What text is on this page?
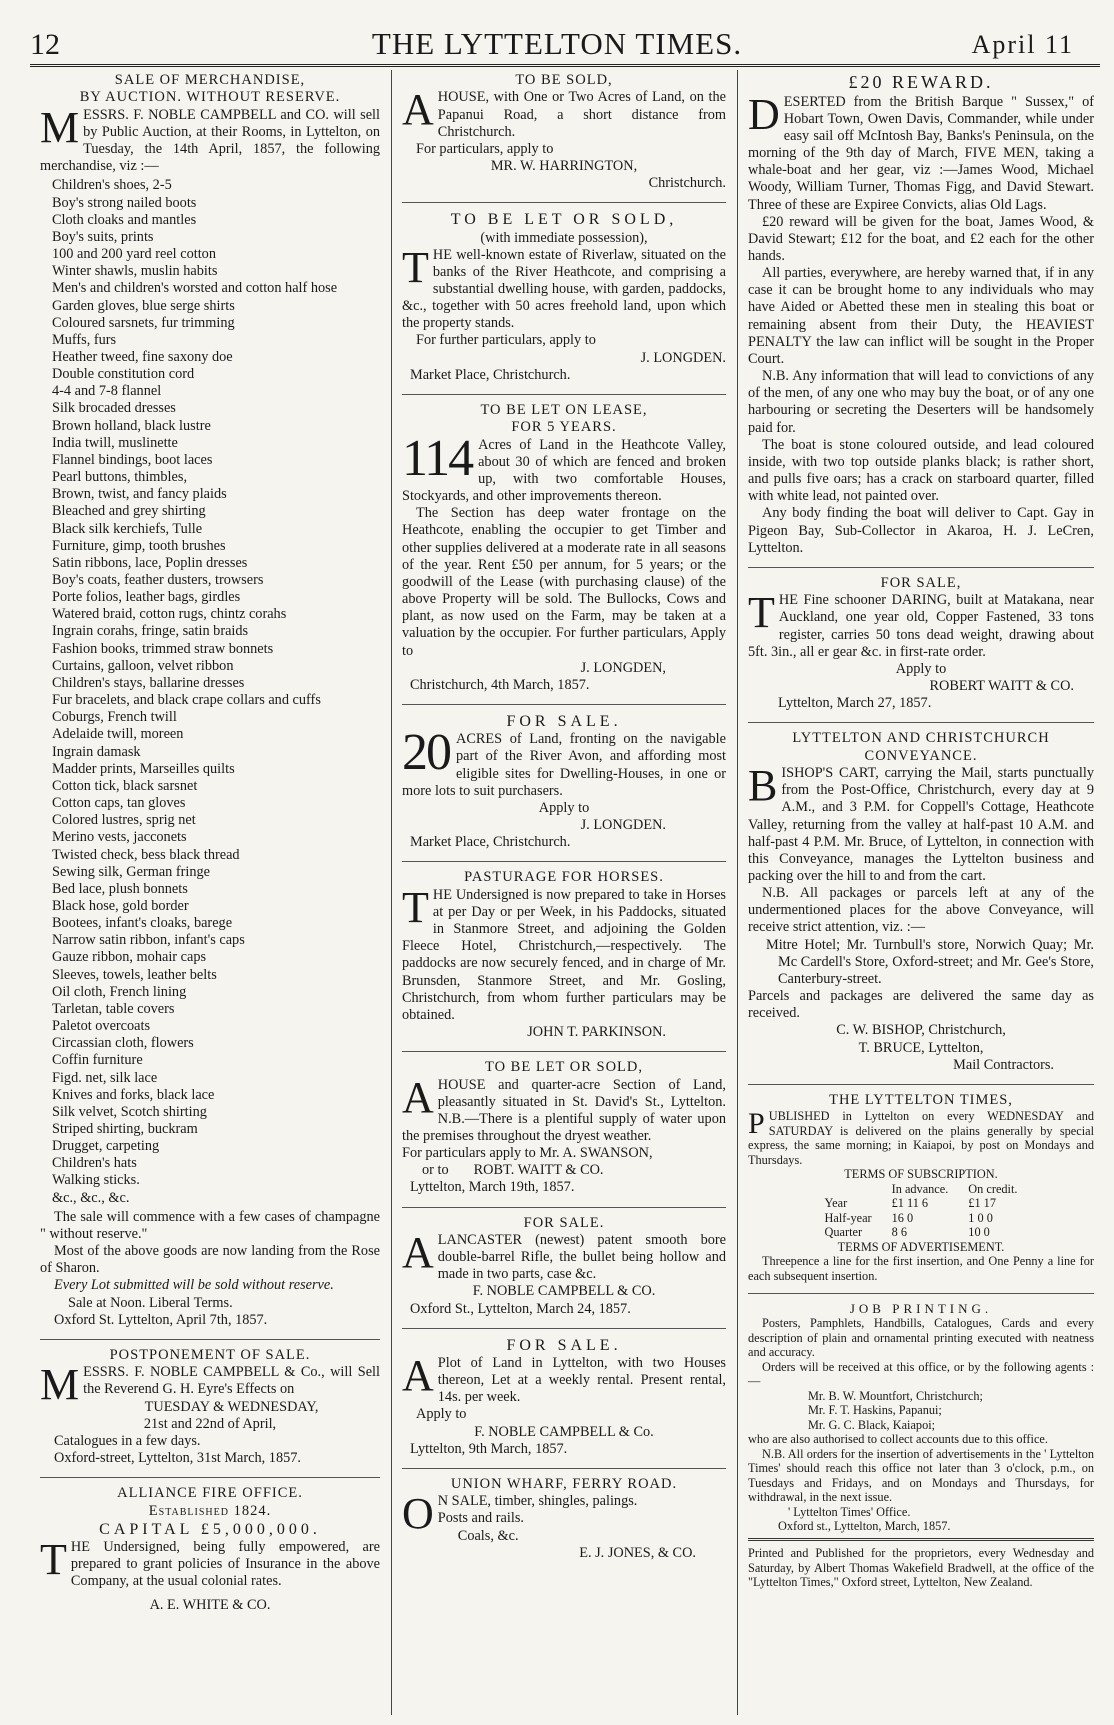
12	THE LYTTELTON TIMES.	April 11
SALE OF MERCHANDISE,
BY AUCTION. WITHOUT RESERVE.
MESSRS. F. NOBLE CAMPBELL and CO. will sell by Public Auction, at their Rooms, in Lyttelton, on Tuesday, the 14th April, 1857, the following merchandise, viz :—
Children's shoes, 2-5
Boy's strong nailed boots
Cloth cloaks and mantles
Boy's suits, prints
100 and 200 yard reel cotton
Winter shawls, muslin habits
Men's and children's worsted and cotton half hose
Garden gloves, blue serge shirts
Coloured sarsnets, fur trimming
Muffs, furs
Heather tweed, fine saxony doe
Double constitution cord
4-4 and 7-8 flannel
Silk brocaded dresses
Brown holland, black lustre
India twill, muslinette
Flannel bindings, boot laces
Pearl buttons, thimbles,
Brown, twist, and fancy plaids
Bleached and grey shirting
Black silk kerchiefs, Tulle
Furniture, gimp, tooth brushes
Satin ribbons, lace, Poplin dresses
Boy's coats, feather dusters, trowsers
Porte folios, leather bags, girdles
Watered braid, cotton rugs, chintz corahs
Ingrain corahs, fringe, satin braids
Fashion books, trimmed straw bonnets
Curtains, galloon, velvet ribbon
Children's stays, ballarine dresses
Fur bracelets, and black crape collars and cuffs
Coburgs, French twill
Adelaide twill, moreen
Ingrain damask
Madder prints, Marseilles quilts
Cotton tick, black sarsnet
Cotton caps, tan gloves
Colored lustres, sprig net
Merino vests, jacconets
Twisted check, bess black thread
Sewing silk, German fringe
Bed lace, plush bonnets
Black hose, gold border
Bootees, infant's cloaks, barege
Narrow satin ribbon, infant's caps
Gauze ribbon, mohair caps
Sleeves, towels, leather belts
Oil cloth, French lining
Tarletan, table covers
Paletot overcoats
Circassian cloth, flowers
Coffin furniture
Figd. net, silk lace
Knives and forks, black lace
Silk velvet, Scotch shirting
Striped shirting, buckram
Drugget, carpeting
Children's hats
Walking sticks.
&c., &c., &c.
The sale will commence with a few cases of champagne " without reserve."
Most of the above goods are now landing from the Rose of Sharon.
Every Lot submitted will be sold without reserve.
Sale at Noon. Liberal Terms.
Oxford St. Lyttelton, April 7th, 1857.
POSTPONEMENT OF SALE.
MESSRS. F. NOBLE CAMPBELL & Co., will Sell the Reverend G. H. Eyre's Effects on
TUESDAY & WEDNESDAY,
21st and 22nd of April,
Catalogues in a few days.
Oxford-street, Lyttelton, 31st March, 1857.
ALLIANCE FIRE OFFICE.
Established 1824.
CAPITAL £5,000,000.
THE Undersigned, being fully empowered, are prepared to grant policies of Insurance in the above Company, at the usual colonial rates.
A. E. WHITE & CO.
TO BE SOLD,
AHOUSE, with One or Two Acres of Land, on the Papanui Road, a short distance from Christchurch.
For particulars, apply to
MR. W. HARRINGTON,
Christchurch.
TO BE LET OR SOLD,
(with immediate possession),
THE well-known estate of Riverlaw, situated on the banks of the River Heathcote, and comprising a substantial dwelling house, with garden, paddocks, &c., together with 50 acres freehold land, upon which the property stands.
For further particulars, apply to
J. LONGDEN.
Market Place, Christchurch.
TO BE LET ON LEASE,
FOR 5 YEARS.
114 Acres of Land in the Heathcote Valley, about 30 of which are fenced and broken up, with two comfortable Houses, Stockyards, and other improvements thereon.
The Section has deep water frontage on the Heathcote, enabling the occupier to get Timber and other supplies delivered at a moderate rate in all seasons of the year. Rent £50 per annum, for 5 years; or the goodwill of the Lease (with purchasing clause) of the above Property will be sold. The Bullocks, Cows and plant, as now used on the Farm, may be taken at a valuation by the occupier. For further particulars, Apply to
J. LONGDEN,
Christchurch, 4th March, 1857.
FOR SALE.
20 ACRES of Land, fronting on the navigable part of the River Avon, and affording most eligible sites for Dwelling-Houses, in one or more lots to suit purchasers.
Apply to
J. LONGDEN.
Market Place, Christchurch.
PASTURAGE FOR HORSES.
THE Undersigned is now prepared to take in Horses at per Day or per Week, in his Paddocks, situated in Stanmore Street, and adjoining the Golden Fleece Hotel, Christchurch,—respectively. The paddocks are now securely fenced, and in charge of Mr. Brunsden, Stanmore Street, and Mr. Gosling, Christchurch, from whom further particulars may be obtained.
JOHN T. PARKINSON.
TO BE LET OR SOLD,
AHOUSE and quarter-acre Section of Land, pleasantly situated in St. David's St., Lyttelton. N.B.—There is a plentiful supply of water upon the premises throughout the dryest weather.
For particulars apply to Mr. A. SWANSON,
or to ROBT. WAITT & CO.
Lyttelton, March 19th, 1857.
FOR SALE.
ALANCASTER (newest) patent smooth bore double-barrel Rifle, the bullet being hollow and made in two parts, case &c.
F. NOBLE CAMPBELL & CO.
Oxford St., Lyttelton, March 24, 1857.
FOR SALE.
A Plot of Land in Lyttelton, with two Houses thereon, Let at a weekly rental. Present rental, 14s. per week.
Apply to
F. NOBLE CAMPBELL & Co.
Lyttelton, 9th March, 1857.
UNION WHARF, FERRY ROAD.
O N SALE, timber, shingles, palings.
Posts and rails.
Coals, &c.
E. J. JONES, & CO.
£20 REWARD.
DESERTED from the British Barque " Sussex," of Hobart Town, Owen Davis, Commander, while under easy sail off McIntosh Bay, Banks's Peninsula, on the morning of the 9th day of March, FIVE MEN, taking a whale-boat and her gear, viz :—James Wood, Michael Woody, William Turner, Thomas Figg, and David Stewart. Three of these are Expiree Convicts, alias Old Lags.
£20 reward will be given for the boat, James Wood, & David Stewart; £12 for the boat, and £2 each for the other hands.
All parties, everywhere, are hereby warned that, if in any case it can be brought home to any individuals who may have Aided or Abetted these men in stealing this boat or remaining absent from their Duty, the HEAVIEST PENALTY the law can inflict will be sought in the Proper Court.
N.B. Any information that will lead to convictions of any of the men, of any one who may buy the boat, or of any one harbouring or secreting the Deserters will be handsomely paid for.
The boat is stone coloured outside, and lead coloured inside, with two top outside planks black; is rather short, and pulls five oars; has a crack on starboard quarter, filled with white lead, not painted over.
Any body finding the boat will deliver to Capt. Gay in Pigeon Bay, Sub-Collector in Akaroa, H. J. LeCren, Lyttelton.
FOR SALE,
THE Fine schooner DARING, built at Matakana, near Auckland, one year old, Copper Fastened, 33 tons register, carries 50 tons dead weight, drawing about 5ft. 3in., all er gear &c. in first-rate order.
Apply to
ROBERT WAITT & CO.
Lyttelton, March 27, 1857.
LYTTELTON AND CHRISTCHURCH
CONVEYANCE.
BISHOP'S CART, carrying the Mail, starts punctually from the Post-Office, Christchurch, every day at 9 A.M., and 3 P.M. for Coppell's Cottage, Heathcote Valley, returning from the valley at half-past 10 A.M. and half-past 4 P.M. Mr. Bruce, of Lyttelton, in connection with this Conveyance, manages the Lyttelton business and packing over the hill to and from the cart.
N.B. All packages or parcels left at any of the undermentioned places for the above Conveyance, will receive strict attention, viz. :—
Mitre Hotel; Mr. Turnbull's store, Norwich Quay; Mr. Mc Cardell's Store, Oxford-street; and Mr. Gee's Store, Canterbury-street.
Parcels and packages are delivered the same day as received.
C. W. BISHOP, Christchurch,
T. BRUCE, Lyttelton,
Mail Contractors.
THE LYTTELTON TIMES,
PUBLISHED in Lyttelton on every WEDNESDAY and SATURDAY is delivered on the plains generally by special express, the same morning; in Kaiapoi, by post on Mondays and Thursdays.
TERMS OF SUBSCRIPTION.
	In advance.	On credit.
Year	£1 11 6	£1 17
Half-year	16 0	1 0 0
Quarter	8 6	10 0
TERMS OF ADVERTISEMENT.
Threepence a line for the first insertion, and One Penny a line for each subsequent insertion.
JOB PRINTING.
Posters, Pamphlets, Handbills, Catalogues, Cards and every description of plain and ornamental printing executed with neatness and accuracy.
Orders will be received at this office, or by the following agents :—
Mr. B. W. Mountfort, Christchurch;
Mr. F. T. Haskins, Papanui;
Mr. G. C. Black, Kaiapoi;
who are also authorised to collect accounts due to this office.
N.B. All orders for the insertion of advertisements in the ' Lyttelton Times' should reach this office not later than 3 o'clock, p.m., on Tuesdays and Fridays, and on Mondays and Thursdays, for withdrawal, in the next issue.
' Lyttelton Times' Office.
Oxford st., Lyttelton, March, 1857.
Printed and Published for the proprietors, every Wednesday and Saturday, by Albert Thomas Wakefield Bradwell, at the office of the "Lyttelton Times," Oxford street, Lyttelton, New Zealand.
